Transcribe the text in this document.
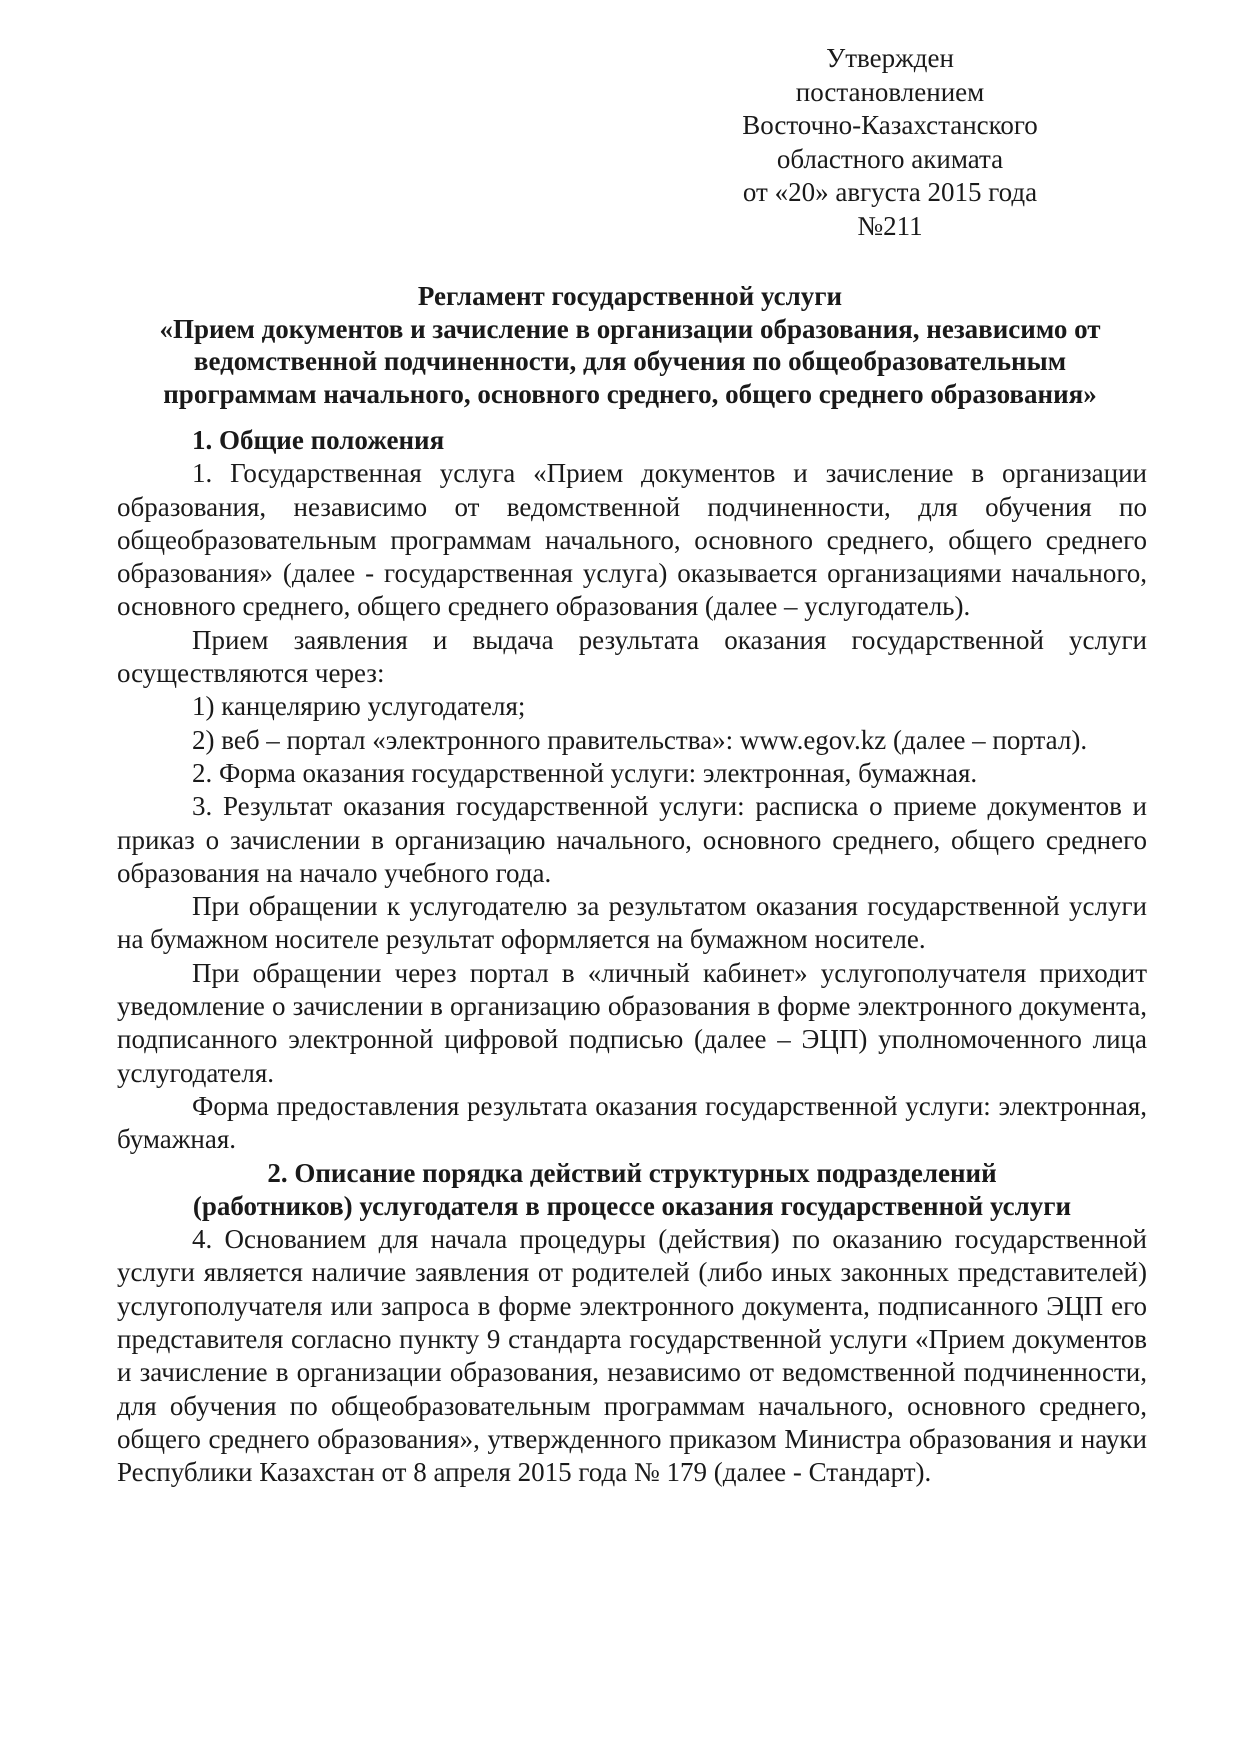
Утвержден
постановлением
Восточно-Казахстанского
областного акимата
от «20» августа 2015 года
№211
Регламент государственной услуги
«Прием документов и зачисление в организации образования, независимо от
ведомственной подчиненности, для обучения по общеобразовательным
программам начального, основного среднего, общего среднего образования»

1. Общие положения

1. Государственная услуга «Прием документов и зачисление в организации образования, независимо от ведомственной подчиненности, для обучения по общеобразовательным программам начального, основного среднего, общего среднего образования» (далее - государственная услуга) оказывается организациями начального, основного среднего, общего среднего образования (далее – услугодатель).

Прием заявления и выдача результата оказания государственной услуги осуществляются через:

1) канцелярию услугодателя;

2) веб – портал «электронного правительства»: www.egov.kz (далее – портал).

2. Форма оказания государственной услуги: электронная, бумажная.

3. Результат оказания государственной услуги: расписка о приеме документов и приказ о зачислении в организацию начального, основного среднего, общего среднего образования на начало учебного года.

При обращении к услугодателю за результатом оказания государственной услуги на бумажном носителе результат оформляется на бумажном носителе.

При обращении через портал в «личный кабинет» услугополучателя приходит уведомление о зачислении в организацию образования в форме электронного документа, подписанного электронной цифровой подписью (далее – ЭЦП) уполномоченного лица услугодателя.

Форма предоставления результата оказания государственной услуги: электронная, бумажная.

2. Описание порядка действий структурных подразделений
(работников) услугодателя в процессе оказания государственной услуги

4. Основанием для начала процедуры (действия) по оказанию государственной услуги является наличие заявления от родителей (либо иных законных представителей) услугополучателя или запроса в форме электронного документа, подписанного ЭЦП его представителя согласно пункту 9 стандарта государственной услуги «Прием документов и зачисление в организации образования, независимо от ведомственной подчиненности, для обучения по общеобразовательным программам начального, основного среднего, общего среднего образования», утвержденного приказом Министра образования и науки Республики Казахстан от 8 апреля 2015 года № 179 (далее - Стандарт).
